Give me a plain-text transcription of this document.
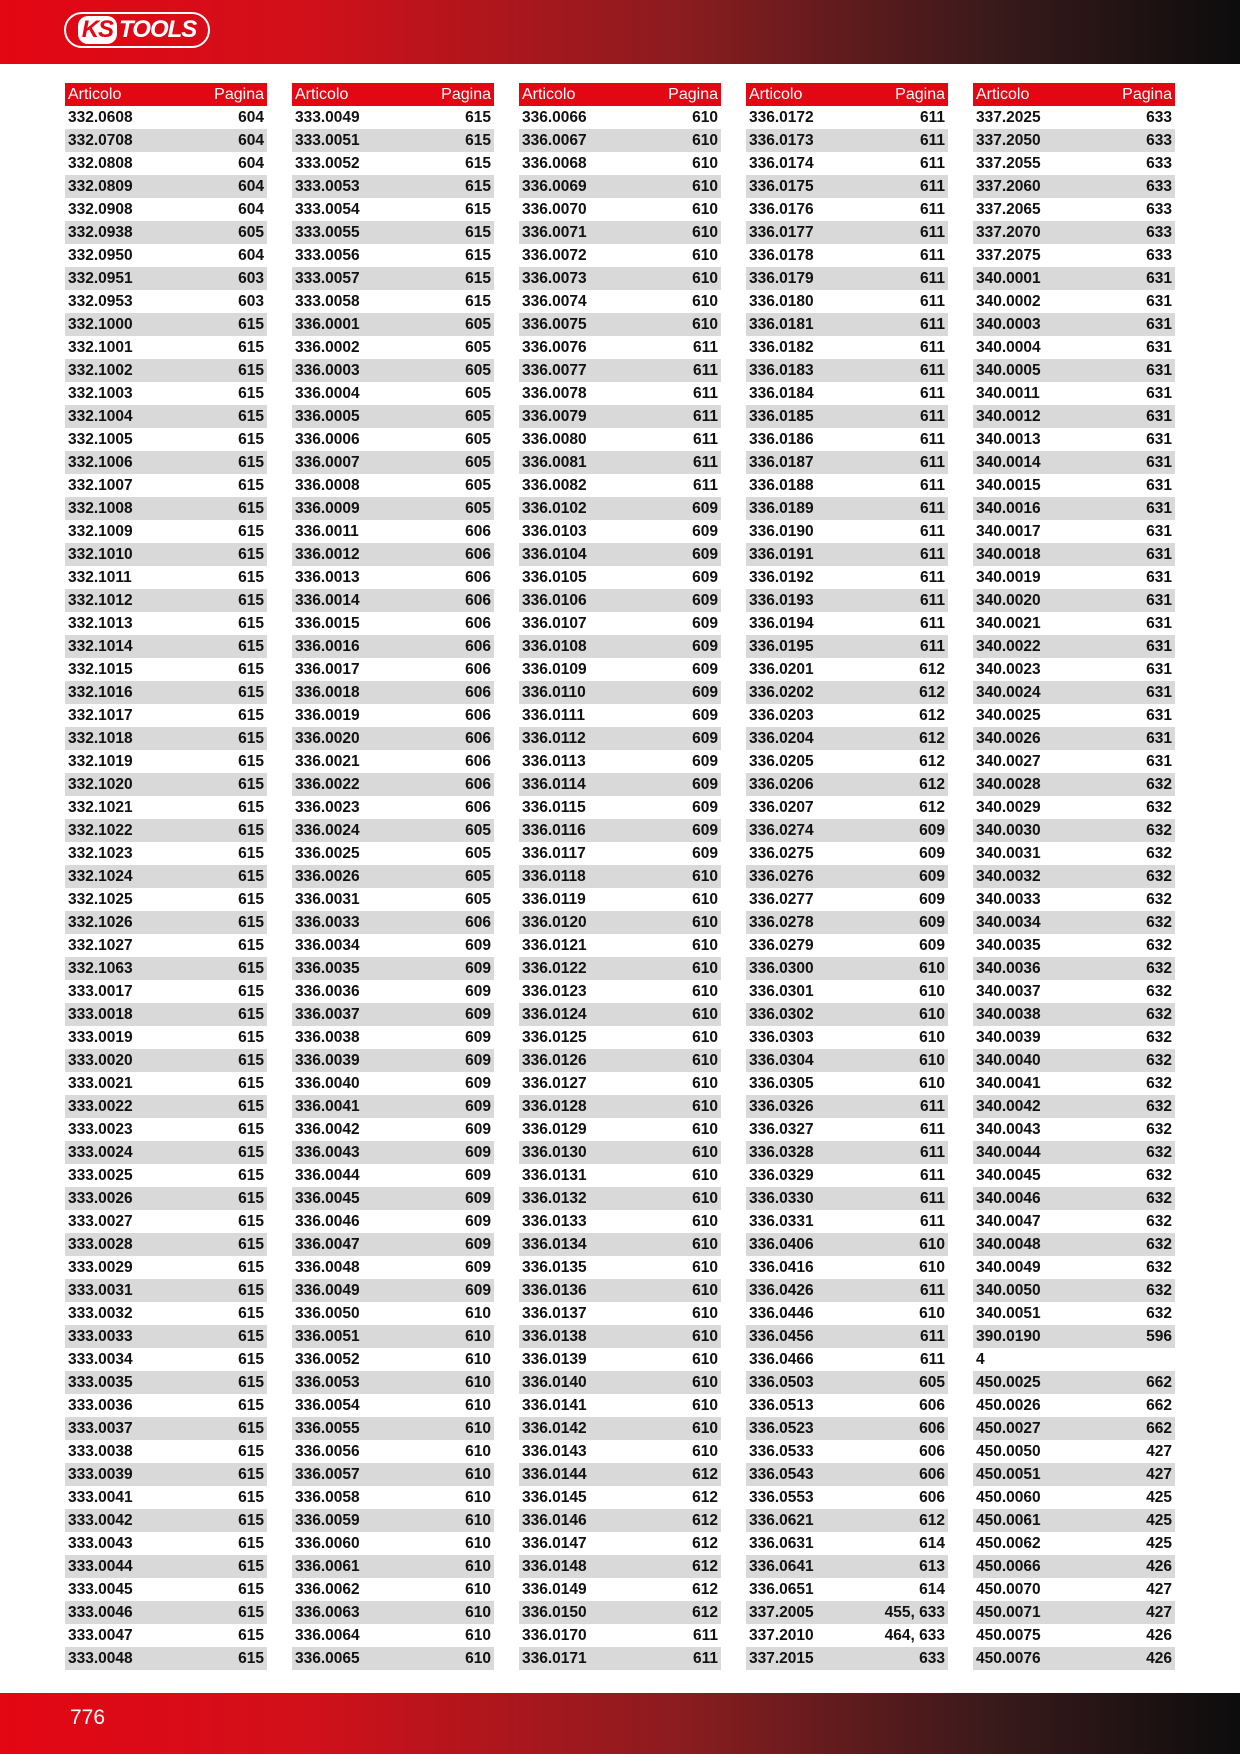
KS TOOLS
Articolo	Pagina
332.0608	604
332.0708	604
332.0808	604
332.0809	604
332.0908	604
332.0938	605
332.0950	604
332.0951	603
332.0953	603
332.1000	615
332.1001	615
332.1002	615
332.1003	615
332.1004	615
332.1005	615
332.1006	615
332.1007	615
332.1008	615
332.1009	615
332.1010	615
332.1011	615
332.1012	615
332.1013	615
332.1014	615
332.1015	615
332.1016	615
332.1017	615
332.1018	615
332.1019	615
332.1020	615
332.1021	615
332.1022	615
332.1023	615
332.1024	615
332.1025	615
332.1026	615
332.1027	615
332.1063	615
333.0017	615
333.0018	615
333.0019	615
333.0020	615
333.0021	615
333.0022	615
333.0023	615
333.0024	615
333.0025	615
333.0026	615
333.0027	615
333.0028	615
333.0029	615
333.0031	615
333.0032	615
333.0033	615
333.0034	615
333.0035	615
333.0036	615
333.0037	615
333.0038	615
333.0039	615
333.0041	615
333.0042	615
333.0043	615
333.0044	615
333.0045	615
333.0046	615
333.0047	615
333.0048	615
Articolo	Pagina
333.0049	615
333.0051	615
333.0052	615
333.0053	615
333.0054	615
333.0055	615
333.0056	615
333.0057	615
333.0058	615
336.0001	605
336.0002	605
336.0003	605
336.0004	605
336.0005	605
336.0006	605
336.0007	605
336.0008	605
336.0009	605
336.0011	606
336.0012	606
336.0013	606
336.0014	606
336.0015	606
336.0016	606
336.0017	606
336.0018	606
336.0019	606
336.0020	606
336.0021	606
336.0022	606
336.0023	606
336.0024	605
336.0025	605
336.0026	605
336.0031	605
336.0033	606
336.0034	609
336.0035	609
336.0036	609
336.0037	609
336.0038	609
336.0039	609
336.0040	609
336.0041	609
336.0042	609
336.0043	609
336.0044	609
336.0045	609
336.0046	609
336.0047	609
336.0048	609
336.0049	609
336.0050	610
336.0051	610
336.0052	610
336.0053	610
336.0054	610
336.0055	610
336.0056	610
336.0057	610
336.0058	610
336.0059	610
336.0060	610
336.0061	610
336.0062	610
336.0063	610
336.0064	610
336.0065	610
Articolo	Pagina
336.0066	610
336.0067	610
336.0068	610
336.0069	610
336.0070	610
336.0071	610
336.0072	610
336.0073	610
336.0074	610
336.0075	610
336.0076	611
336.0077	611
336.0078	611
336.0079	611
336.0080	611
336.0081	611
336.0082	611
336.0102	609
336.0103	609
336.0104	609
336.0105	609
336.0106	609
336.0107	609
336.0108	609
336.0109	609
336.0110	609
336.0111	609
336.0112	609
336.0113	609
336.0114	609
336.0115	609
336.0116	609
336.0117	609
336.0118	610
336.0119	610
336.0120	610
336.0121	610
336.0122	610
336.0123	610
336.0124	610
336.0125	610
336.0126	610
336.0127	610
336.0128	610
336.0129	610
336.0130	610
336.0131	610
336.0132	610
336.0133	610
336.0134	610
336.0135	610
336.0136	610
336.0137	610
336.0138	610
336.0139	610
336.0140	610
336.0141	610
336.0142	610
336.0143	610
336.0144	612
336.0145	612
336.0146	612
336.0147	612
336.0148	612
336.0149	612
336.0150	612
336.0170	611
336.0171	611
Articolo	Pagina
336.0172	611
336.0173	611
336.0174	611
336.0175	611
336.0176	611
336.0177	611
336.0178	611
336.0179	611
336.0180	611
336.0181	611
336.0182	611
336.0183	611
336.0184	611
336.0185	611
336.0186	611
336.0187	611
336.0188	611
336.0189	611
336.0190	611
336.0191	611
336.0192	611
336.0193	611
336.0194	611
336.0195	611
336.0201	612
336.0202	612
336.0203	612
336.0204	612
336.0205	612
336.0206	612
336.0207	612
336.0274	609
336.0275	609
336.0276	609
336.0277	609
336.0278	609
336.0279	609
336.0300	610
336.0301	610
336.0302	610
336.0303	610
336.0304	610
336.0305	610
336.0326	611
336.0327	611
336.0328	611
336.0329	611
336.0330	611
336.0331	611
336.0406	610
336.0416	610
336.0426	611
336.0446	610
336.0456	611
336.0466	611
336.0503	605
336.0513	606
336.0523	606
336.0533	606
336.0543	606
336.0553	606
336.0621	612
336.0631	614
336.0641	613
336.0651	614
337.2005	455, 633
337.2010	464, 633
337.2015	633
Articolo	Pagina
337.2025	633
337.2050	633
337.2055	633
337.2060	633
337.2065	633
337.2070	633
337.2075	633
340.0001	631
340.0002	631
340.0003	631
340.0004	631
340.0005	631
340.0011	631
340.0012	631
340.0013	631
340.0014	631
340.0015	631
340.0016	631
340.0017	631
340.0018	631
340.0019	631
340.0020	631
340.0021	631
340.0022	631
340.0023	631
340.0024	631
340.0025	631
340.0026	631
340.0027	631
340.0028	632
340.0029	632
340.0030	632
340.0031	632
340.0032	632
340.0033	632
340.0034	632
340.0035	632
340.0036	632
340.0037	632
340.0038	632
340.0039	632
340.0040	632
340.0041	632
340.0042	632
340.0043	632
340.0044	632
340.0045	632
340.0046	632
340.0047	632
340.0048	632
340.0049	632
340.0050	632
340.0051	632
390.0190	596
4	
450.0025	662
450.0026	662
450.0027	662
450.0050	427
450.0051	427
450.0060	425
450.0061	425
450.0062	425
450.0066	426
450.0070	427
450.0071	427
450.0075	426
450.0076	426
776
